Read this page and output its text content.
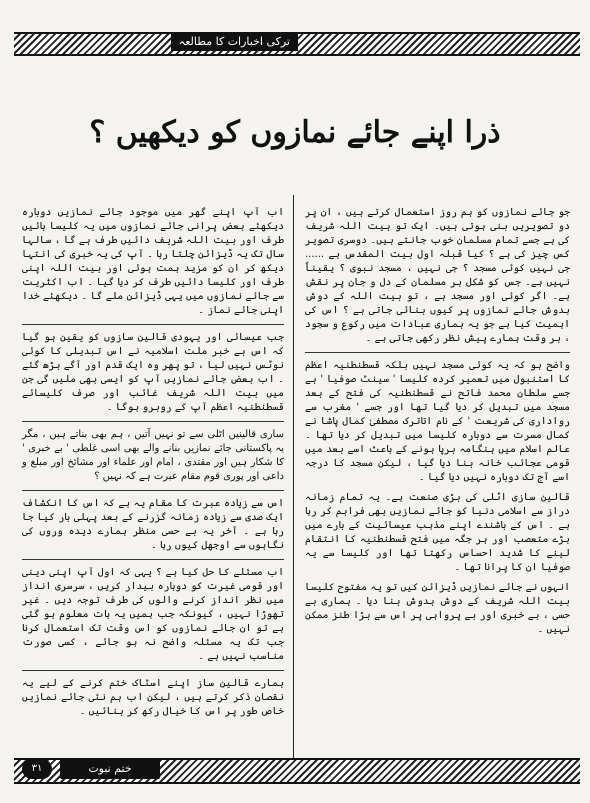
ترکی اخبارات کا مطالعہ
ذرا اپنے جائے نمازوں کو دیکھیں ؟

جو جائے نمازوں کو ہم روز استعمال کرتے ہیں ، ان پر دو تصویریں بنی ہوتی ہیں۔ ایک تو بیت اللہ شریف کی ہے جسے تمام مسلمان خوب جانتے ہیں۔ دوسری تصویر کس چیز کی ہے ؟ کیا قبلہ اول بیت المقدس ہے ...... جی نہیں کوئی مسجد ؟ جی نہیں ، مسجد نبوی ؟ یقیناً نہیں ہے۔ جس کو شکل ہر مسلمان کے دل و جان پر نقش ہے۔ اگر کوئی اور مسجد ہے ، تو بیت اللہ کے دوش بدوش جائے نمازوں پر کیوں بنائی جاتی ہے ؟ اس کی اہمیت کیا ہے جو یہ ہماری عبادات میں رکوع و سجود ، ہر وقت ہمارے پیش نظر رکھی جاتی ہے ۔

واضح ہو کہ یہ کوئی مسجد نہیں بلکہ قسطنطنیہ اعظم کا استنبول میں تعمیر کردہ کلیسا ' سینٹ صوفیا ' ہے جسے سلطان محمد فاتح نے قسطنطنیہ کی فتح کے بعد مسجد میں تبدیل کر دیا گیا تھا اور جسے ' مغرب سے رواداری کی شریعت ' کے نام اتاترک مصطفیٰ کمال پاشا نے کمال مسرت سے دوبارہ کلیسا میں تبدیل کر دیا تھا ۔ عالم اسلام میں ہنگامہ برپا ہونے کے باعث اسے بعد میں قومی عجائب خانہ بنا دیا گیا ، لیکن مسجد کا درجہ اسے آج تک دوبارہ نہیں دیا گیا ۔

قالین سازی اٹلی کی بڑی صنعت ہے۔ یہ تمام زمانہ دراز سے اسلامی دنیا کو جائے نمازیں بھی فراہم کر رہا ہے ۔ اس کے باشندے اپنے مذہب عیسائیت کے بارے میں بڑے متعصب اور ہر جگہ میں فتح قسطنطنیہ کا انتقام لینے کا شدید احساس رکھتا تھا اور کلیسا سے یہ صوفیا ان کا پرانا تھا ۔

انہوں نے جائے نمازیں ڈیزائن کیں تو یہ مفتوح کلیسا بیت اللہ شریف کے دوش بدوش بنا دیا ۔ ہماری بے حسی ، بے خبری اور بے پرواہی پر اس سے بڑا طنز ممکن نہیں ۔

اب آپ اپنے گھر میں موجود جائے نمازیں دوبارہ دیکھئے بعض پرانی جائے نمازوں میں یہ کلیسا بائیں طرف اور بیت اللہ شریف دائیں طرف ہے گا ، سالہا سال تک یہ ڈیزائن چلتا رہا ۔ آپ کی یہ خبری کی انتہا دیکھ کر ان کو مزید ہمت ہوئی اور بیت اللہ اپنی طرف اور کلیسا دائیں طرف کر دیا گیا ۔ اب اکثریت سے جائے نمازوں میں یہی ڈیزائن ملے گا ۔ دیکھئے خدا اپنی جائے نماز ۔

جب عیسائی اور یہودی قالین سازوں کو یقین ہو گیا کہ اس بے خبر ملت اسلامیہ نے اس تبدیلی کا کوئی نوٹس نہیں لیا ، تو پھر وہ ایک قدم اور آگے بڑھ گئے ۔ اب بعض جائے نمازیں آپ کو ایسی بھی ملیں گی جن میں بیت اللہ شریف غائب اور صرف کلیسائے قسطنطنیہ اعظم آپ کے روبرو ہوگا ۔

ساری قالینیں اٹلی سے تو نہیں آتیں ، ہم بھی بناتے ہیں ، مگر یہ پاکستانی جائے نمازیں بنانے والے بھی اسی غلطی ' بے خبری ' کا شکار ہیں اور مقتدی ، امام اور علماء اور مشائخ اور مبلغ و داعی اور پوری قوم مقام عبرت ہے کہ نہیں ؟

اس سے زیادہ عبرت کا مقام یہ ہے کہ اس کا انکشاف ایک صدی سے زیادہ زمانہ گزرنے کے بعد پہلی بار کیا جا رہا ہے ۔ آخر یہ بے حسی منظر ہمارے دیدہ وروں کی نگاہوں سے اوجھل کیوں رہا ۔

اب مسئلے کا حل کیا ہے ؟ یہی کہ اول آپ اپنی دینی اور قومی غیرت کو دوبارہ بیدار کریں ، سرسری انداز میں نظر انداز کرنے والوں کی طرف توجہ دیں ۔ غیر تھوڑا نہیں ، کیونکہ جب ہمیں یہ بات معلوم ہو گئی ہے تو ان جائے نمازوں کو اس وقت تک استعمال کرنا جب تک یہ مسئلہ واضح نہ ہو جائے ، کسی صورت مناسب نہیں ہے ۔

ہمارے قالین ساز اپنے اسٹاک ختم کرنے کے لیے یہ نقصان ذکر کرتے ہیں ، لیکن اب ہم نئی جائے نمازیں خاص طور پر اس کا خیال رکھ کر بنائیں ۔

٣١	ختم نبوت
